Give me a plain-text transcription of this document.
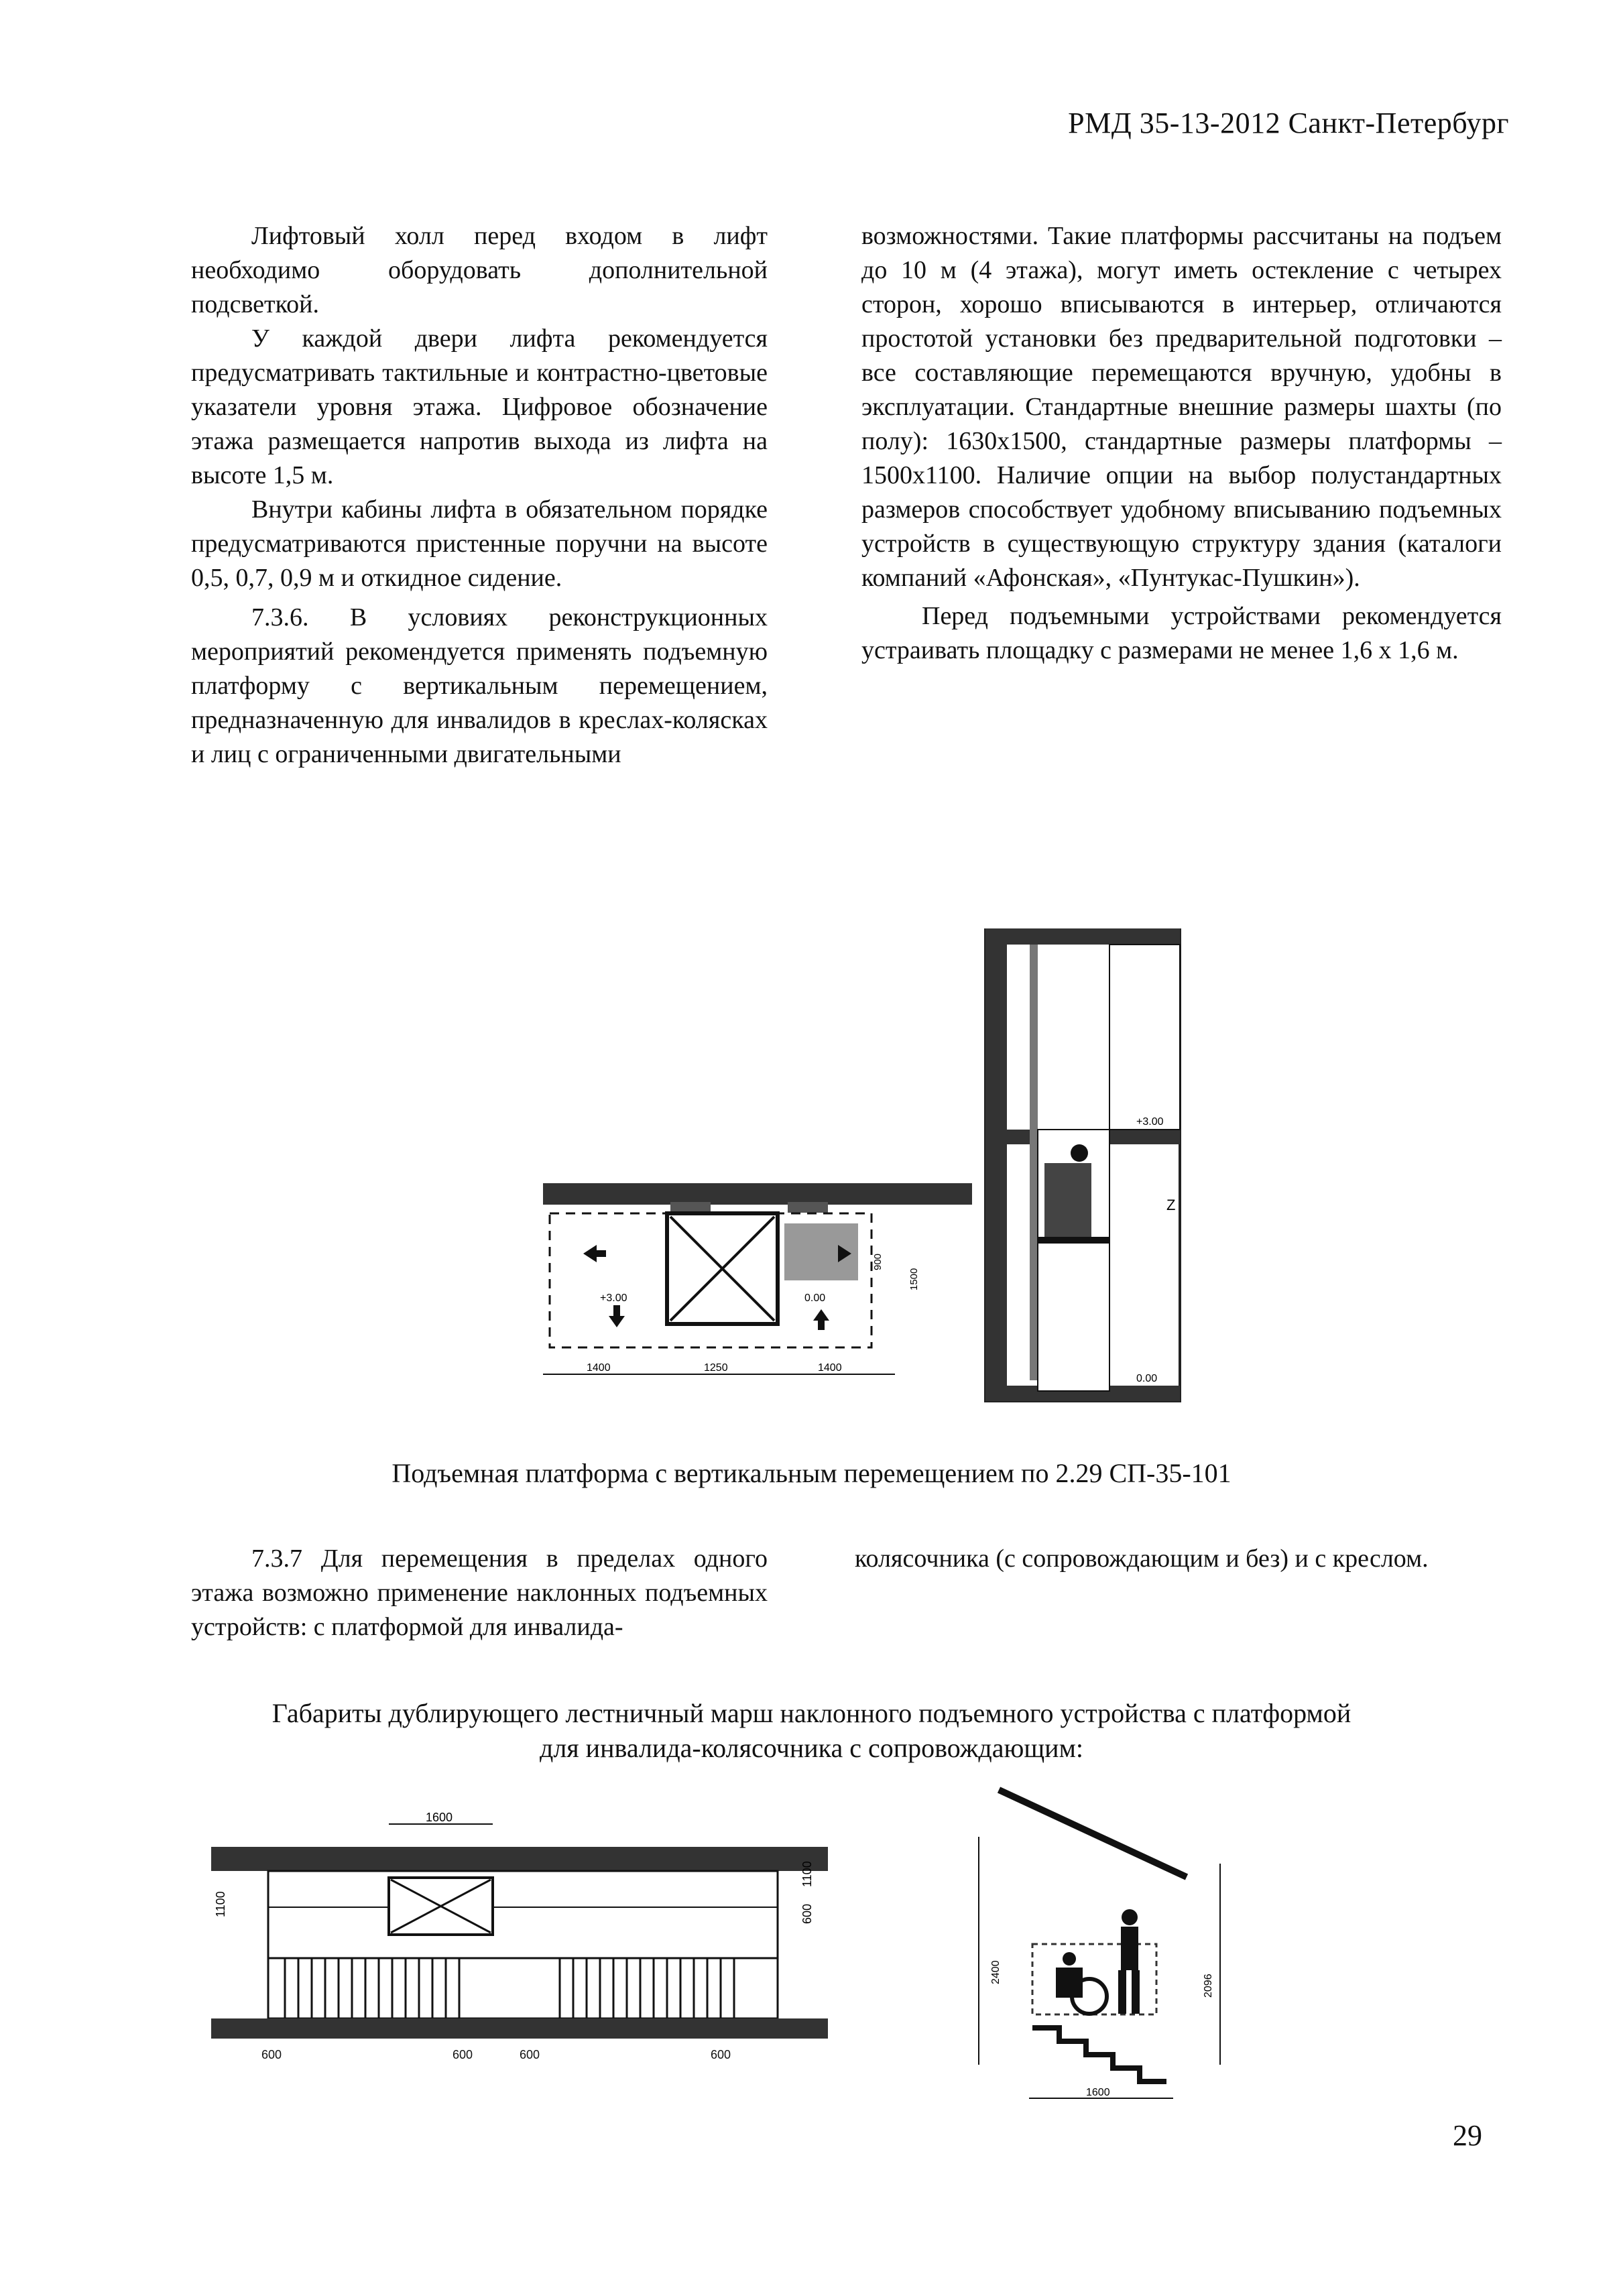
РМД 35-13-2012 Санкт-Петербург

Лифтовый холл перед входом в лифт необходимо оборудовать дополнительной подсветкой.

У каждой двери лифта рекомендуется предусматривать тактильные и контрастно-цветовые указатели уровня этажа. Цифровое обозначение этажа размещается напротив выхода из лифта на высоте 1,5 м.

Внутри кабины лифта в обязательном порядке предусматриваются пристенные поручни на высоте 0,5, 0,7, 0,9 м и откидное сидение.

7.3.6. В условиях реконструкционных мероприятий рекомендуется применять подъемную платформу с вертикальным перемещением, предназначенную для инвалидов в креслах-колясках и лиц с ограниченными двигательными

возможностями. Такие платформы рассчитаны на подъем до 10 м (4 этажа), могут иметь остекление с четырех сторон, хорошо вписываются в интерьер, отличаются простотой установки без предварительной подготовки – все составляющие перемещаются вручную, удобны в эксплуатации. Стандартные внешние размеры шахты (по полу): 1630х1500, стандартные размеры платформы – 1500х1100. Наличие опции на выбор полустандартных размеров способствует удобному вписыванию подъемных устройств в существующую структуру здания (каталоги компаний «Афонская», «Пунтукас-Пушкин»).

Перед подъемными устройствами рекомендуется устраивать площадку с размерами не менее 1,6 х 1,6 м.

+3.00	0.00
1400	1250	1400
900
1500
+3.00
0.00
Z
Подъемная платформа с вертикальным перемещением по 2.29 СП-35-101

7.3.7 Для перемещения в пределах одного этажа возможно применение наклонных подъемных устройств: с платформой для инвалида-

колясочника (с сопровождающим и без) и с креслом.

Габариты дублирующего лестничный марш наклонного подъемного устройства с платформой
для инвалида-колясочника с сопровождающим:
1600
1100	600
1100
600	600	600	600
2400
2096
1600
29
